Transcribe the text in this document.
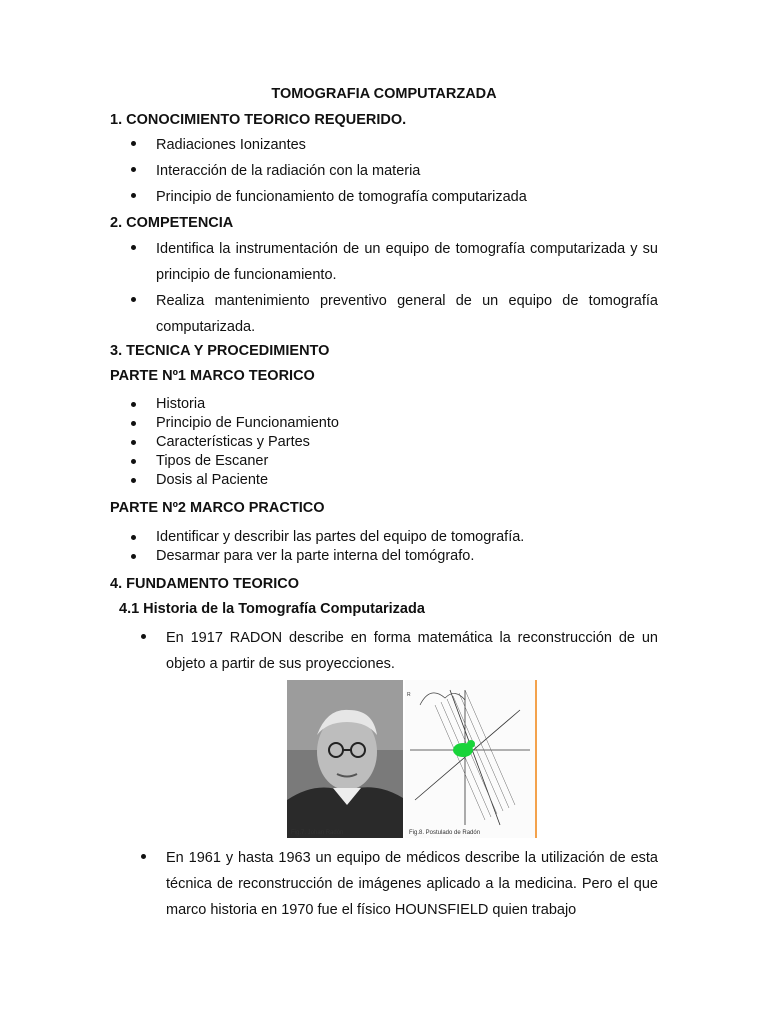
TOMOGRAFIA COMPUTARZADA
1. CONOCIMIENTO TEORICO REQUERIDO.
Radiaciones Ionizantes
Interacción de la radiación con la materia
Principio de funcionamiento de tomografía computarizada
2. COMPETENCIA
Identifica la instrumentación de un equipo de tomografía computarizada y su principio de funcionamiento.
Realiza mantenimiento preventivo general de un equipo de tomografía computarizada.
3. TECNICA Y PROCEDIMIENTO
PARTE Nº1 MARCO TEORICO
Historia
Principio de Funcionamiento
Características y Partes
Tipos de Escaner
Dosis al Paciente
PARTE Nº2 MARCO PRACTICO
Identificar y describir las partes del equipo de tomografía.
Desarmar para ver la parte interna del tomógrafo.
4. FUNDAMENTO TEORICO
4.1 Historia de la Tomografía Computarizada
En 1917 RADON describe en forma matemática la reconstrucción de un objeto a partir de sus proyecciones.
Fig.7. Johan Radón
R
Fig.8. Postulado de Radón
En 1961 y hasta 1963 un equipo de médicos describe la utilización de esta técnica de reconstrucción de imágenes aplicado a la medicina. Pero el que marco historia en 1970 fue el físico HOUNSFIELD quien trabajo
